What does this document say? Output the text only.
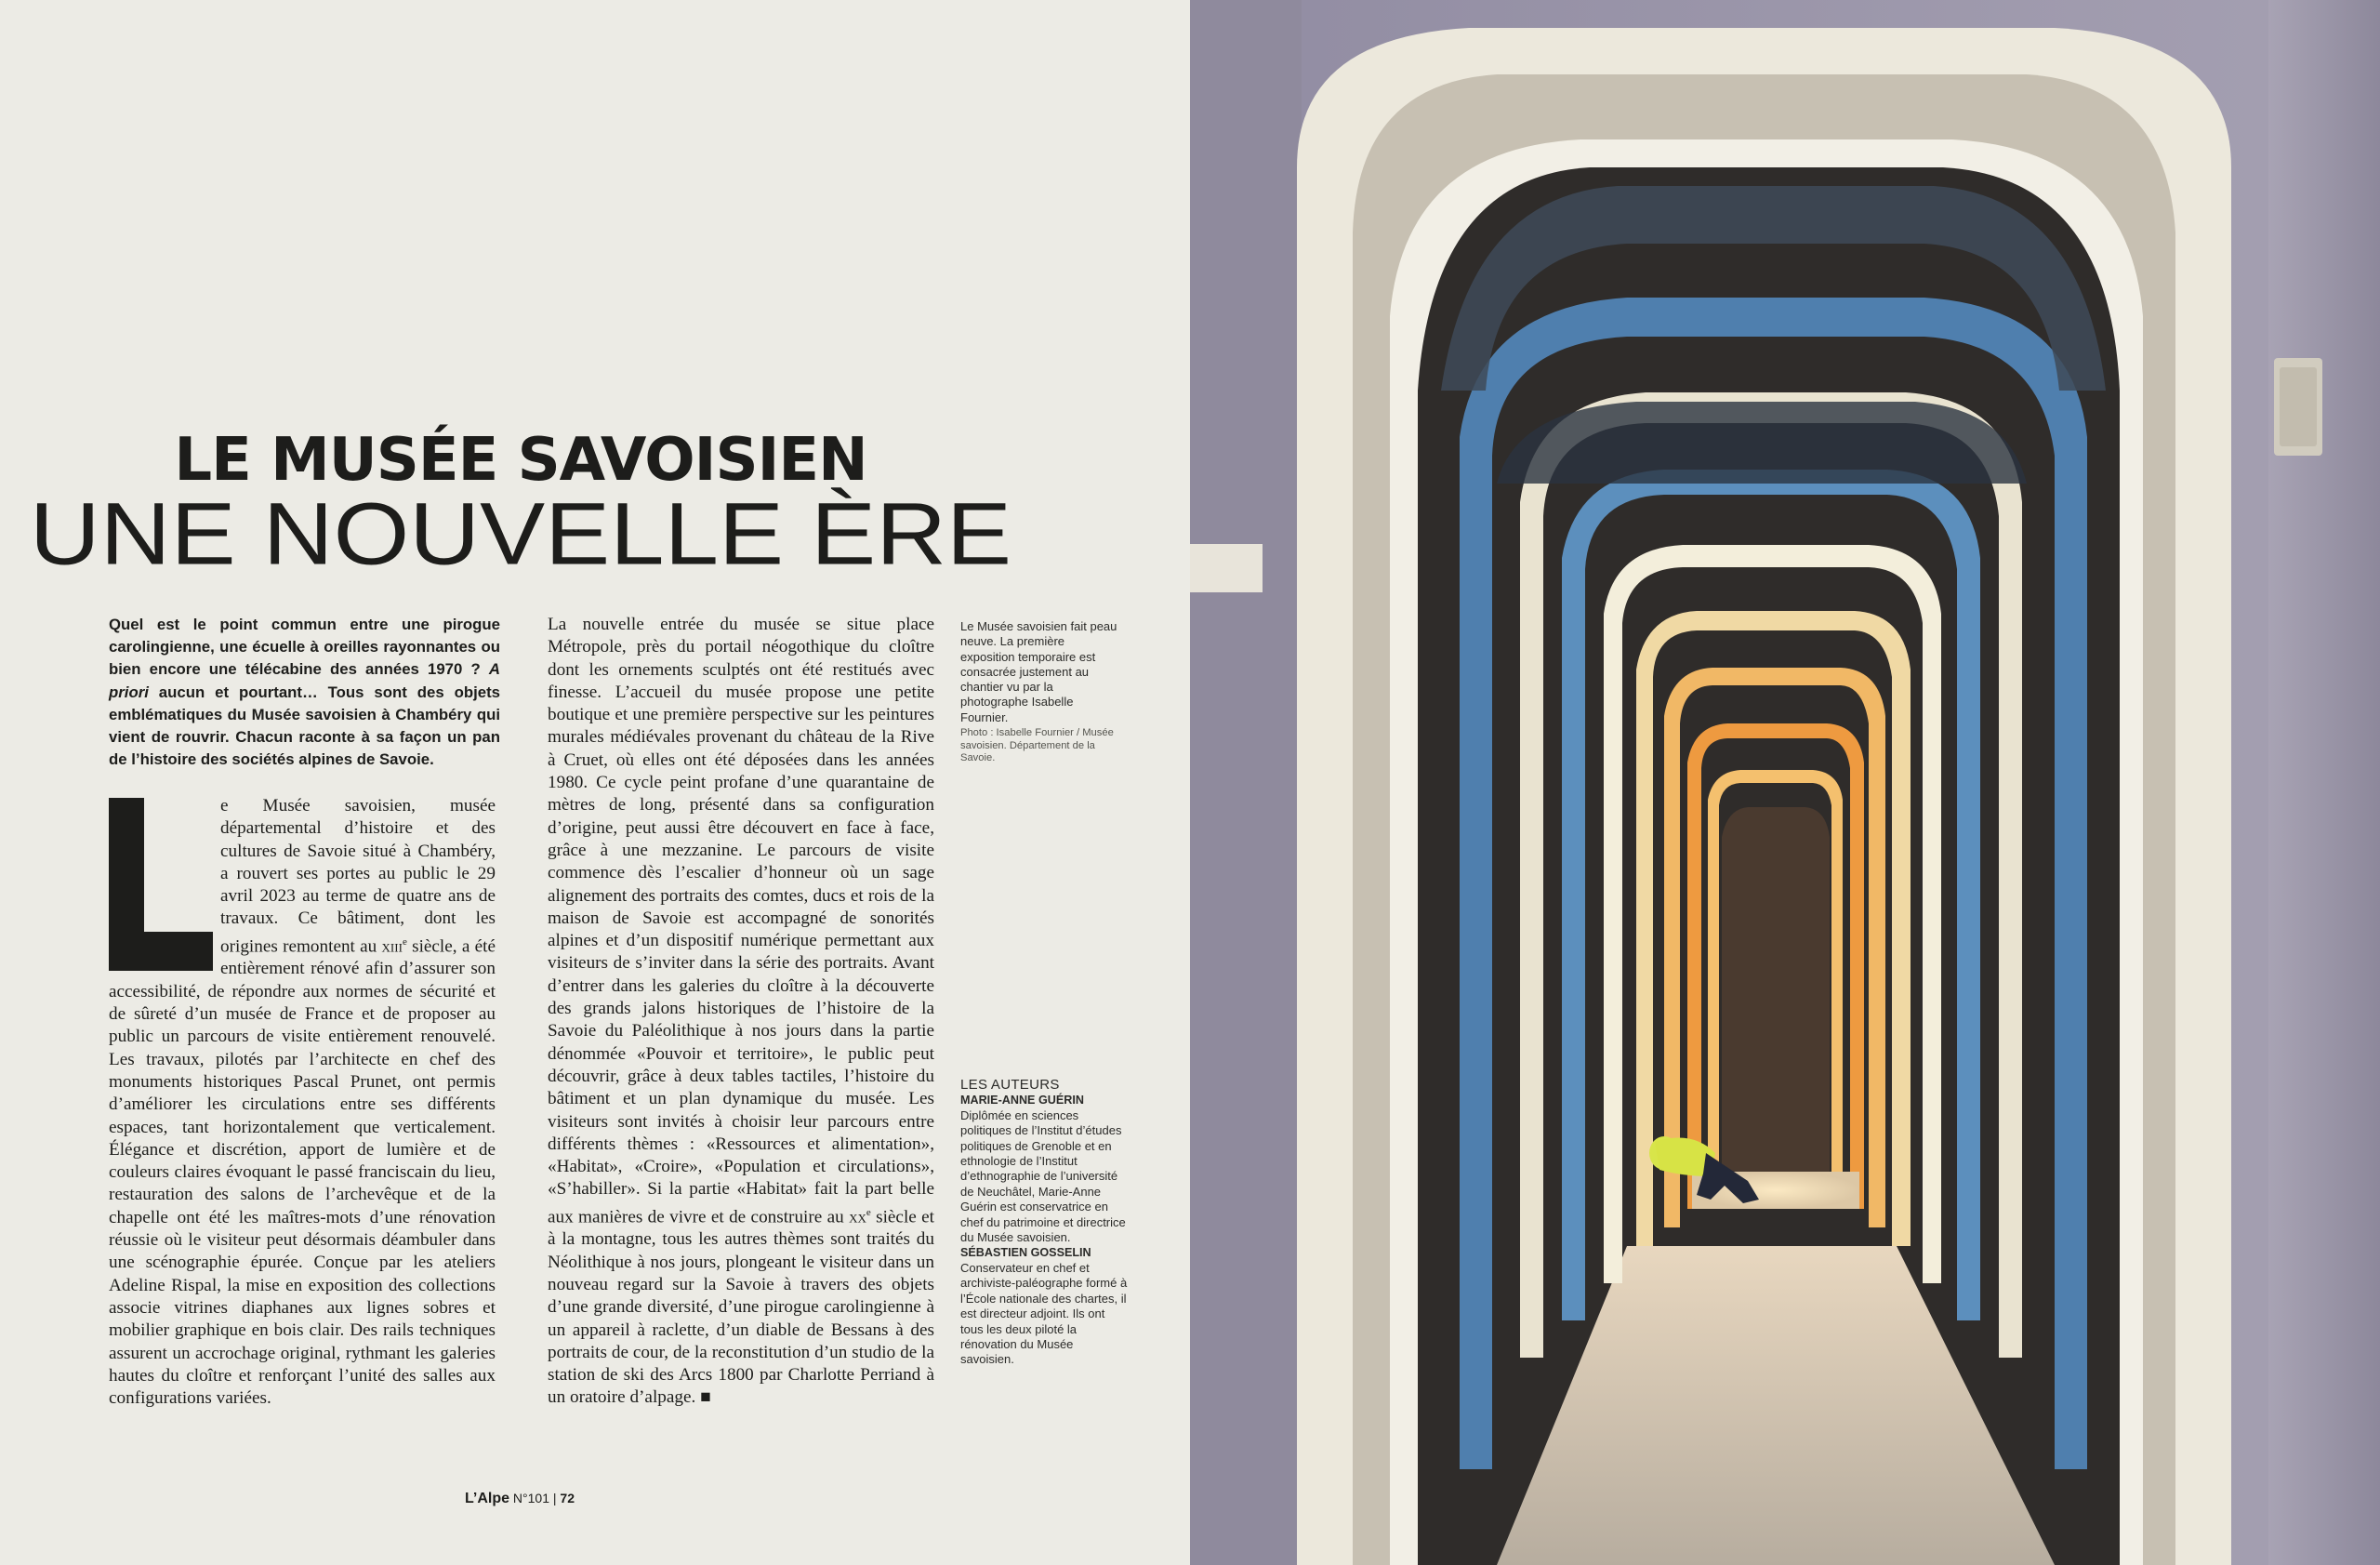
LE MUSÉE SAVOISIEN
UNE NOUVELLE ÈRE

Quel est le point commun entre une pirogue carolingienne, une écuelle à oreilles rayonnantes ou bien encore une télécabine des années 1970 ? A priori aucun et pourtant… Tous sont des objets emblématiques du Musée savoisien à Chambéry qui vient de rouvrir. Chacun raconte à sa façon un pan de l’histoire des sociétés alpines de Savoie.

e Musée savoisien, musée départemental d’histoire et des cultures de Savoie situé à Chambéry, a rouvert ses portes au public le 29 avril 2023 au terme de quatre ans de travaux. Ce bâtiment, dont les origines remontent au xiii$^e$ siècle, a été entièrement rénové afin d’assurer son accessibilité, de répondre aux normes de sécurité et de sûreté d’un musée de France et de proposer au public un parcours de visite entièrement renouvelé. Les travaux, pilotés par l’architecte en chef des monuments historiques Pascal Prunet, ont permis d’améliorer les circulations entre ses différents espaces, tant horizontalement que verticalement. Élégance et discrétion, apport de lumière et de couleurs claires évoquant le passé franciscain du lieu, restauration des salons de l’archevêque et de la chapelle ont été les maîtres-mots d’une rénovation réussie où le visiteur peut désormais déambuler dans une scénographie épurée. Conçue par les ateliers Adeline Rispal, la mise en exposition des collections associe vitrines diaphanes aux lignes sobres et mobilier graphique en bois clair. Des rails techniques assurent un accrochage original, rythmant les galeries hautes du cloître et renforçant l’unité des salles aux configurations variées.

La nouvelle entrée du musée se situe place Métropole, près du portail néogothique du cloître dont les ornements sculptés ont été restitués avec finesse. L’accueil du musée propose une petite boutique et une première perspective sur les peintures murales médiévales provenant du château de la Rive à Cruet, où elles ont été déposées dans les années 1980. Ce cycle peint profane d’une quarantaine de mètres de long, présenté dans sa configuration d’origine, peut aussi être découvert en face à face, grâce à une mezzanine. Le parcours de visite commence dès l’escalier d’honneur où un sage alignement des portraits des comtes, ducs et rois de la maison de Savoie est accompagné de sonorités alpines et d’un dispositif numérique permettant aux visiteurs de s’inviter dans la série des portraits. Avant d’entrer dans les galeries du cloître à la découverte des grands jalons historiques de l’histoire de la Savoie du Paléolithique à nos jours dans la partie dénommée «Pouvoir et territoire», le public peut découvrir, grâce à deux tables tactiles, l’histoire du bâtiment et un plan dynamique du musée. Les visiteurs sont invités à choisir leur parcours entre différents thèmes : «Ressources et alimentation», «Habitat», «Croire», «Population et circulations», «S’habiller». Si la partie «Habitat» fait la part belle aux manières de vivre et de construire au $xx^e$ siècle et à la montagne, tous les autres thèmes sont traités du Néolithique à nos jours, plongeant le visiteur dans un nouveau regard sur la Savoie à travers des objets d’une grande diversité, d’une pirogue carolingienne à un appareil à raclette, d’un diable de Bessans à des portraits de cour, de la reconstitution d’un studio de la station de ski des Arcs 1800 par Charlotte Perriand à un oratoire d’alpage. ■

Le Musée savoisien fait peau neuve. La première exposition temporaire est consacrée justement au chantier vu par la photographe Isabelle Fournier.

Photo : Isabelle Fournier / Musée savoisien. Département de la Savoie.

LES AUTEURS

MARIE-ANNE GUÉRIN

Diplômée en sciences politiques de l’Institut d’études politiques de Grenoble et en ethnologie de l’Institut d’ethnographie de l’université de Neuchâtel, Marie-Anne Guérin est conservatrice en chef du patrimoine et directrice du Musée savoisien.

SÉBASTIEN GOSSELIN

Conservateur en chef et archiviste-paléographe formé à l’École nationale des chartes, il est directeur adjoint. Ils ont tous les deux piloté la rénovation du Musée savoisien.

L’Alpe N°101 | 72
